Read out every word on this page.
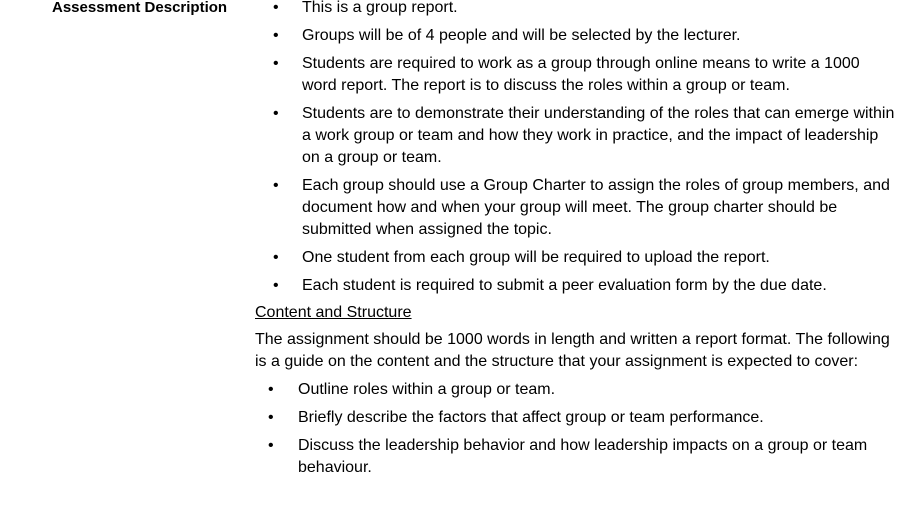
Assessment Description	• This is a group report.
• Groups will be of 4 people and will be selected by the lecturer.
• Students are required to work as a group through online means to write a 1000 word report. The report is to discuss the roles within a group or team.
• Students are to demonstrate their understanding of the roles that can emerge within a work group or team and how they work in practice, and the impact of leadership on a group or team.
• Each group should use a Group Charter to assign the roles of group members, and document how and when your group will meet. The group charter should be submitted when assigned the topic.
• One student from each group will be required to upload the report.
• Each student is required to submit a peer evaluation form by the due date.
Content and Structure
The assignment should be 1000 words in length and written a report format. The following is a guide on the content and the structure that your assignment is expected to cover:
• Outline roles within a group or team.
• Briefly describe the factors that affect group or team performance.
• Discuss the leadership behavior and how leadership impacts on a group or team behaviour.
